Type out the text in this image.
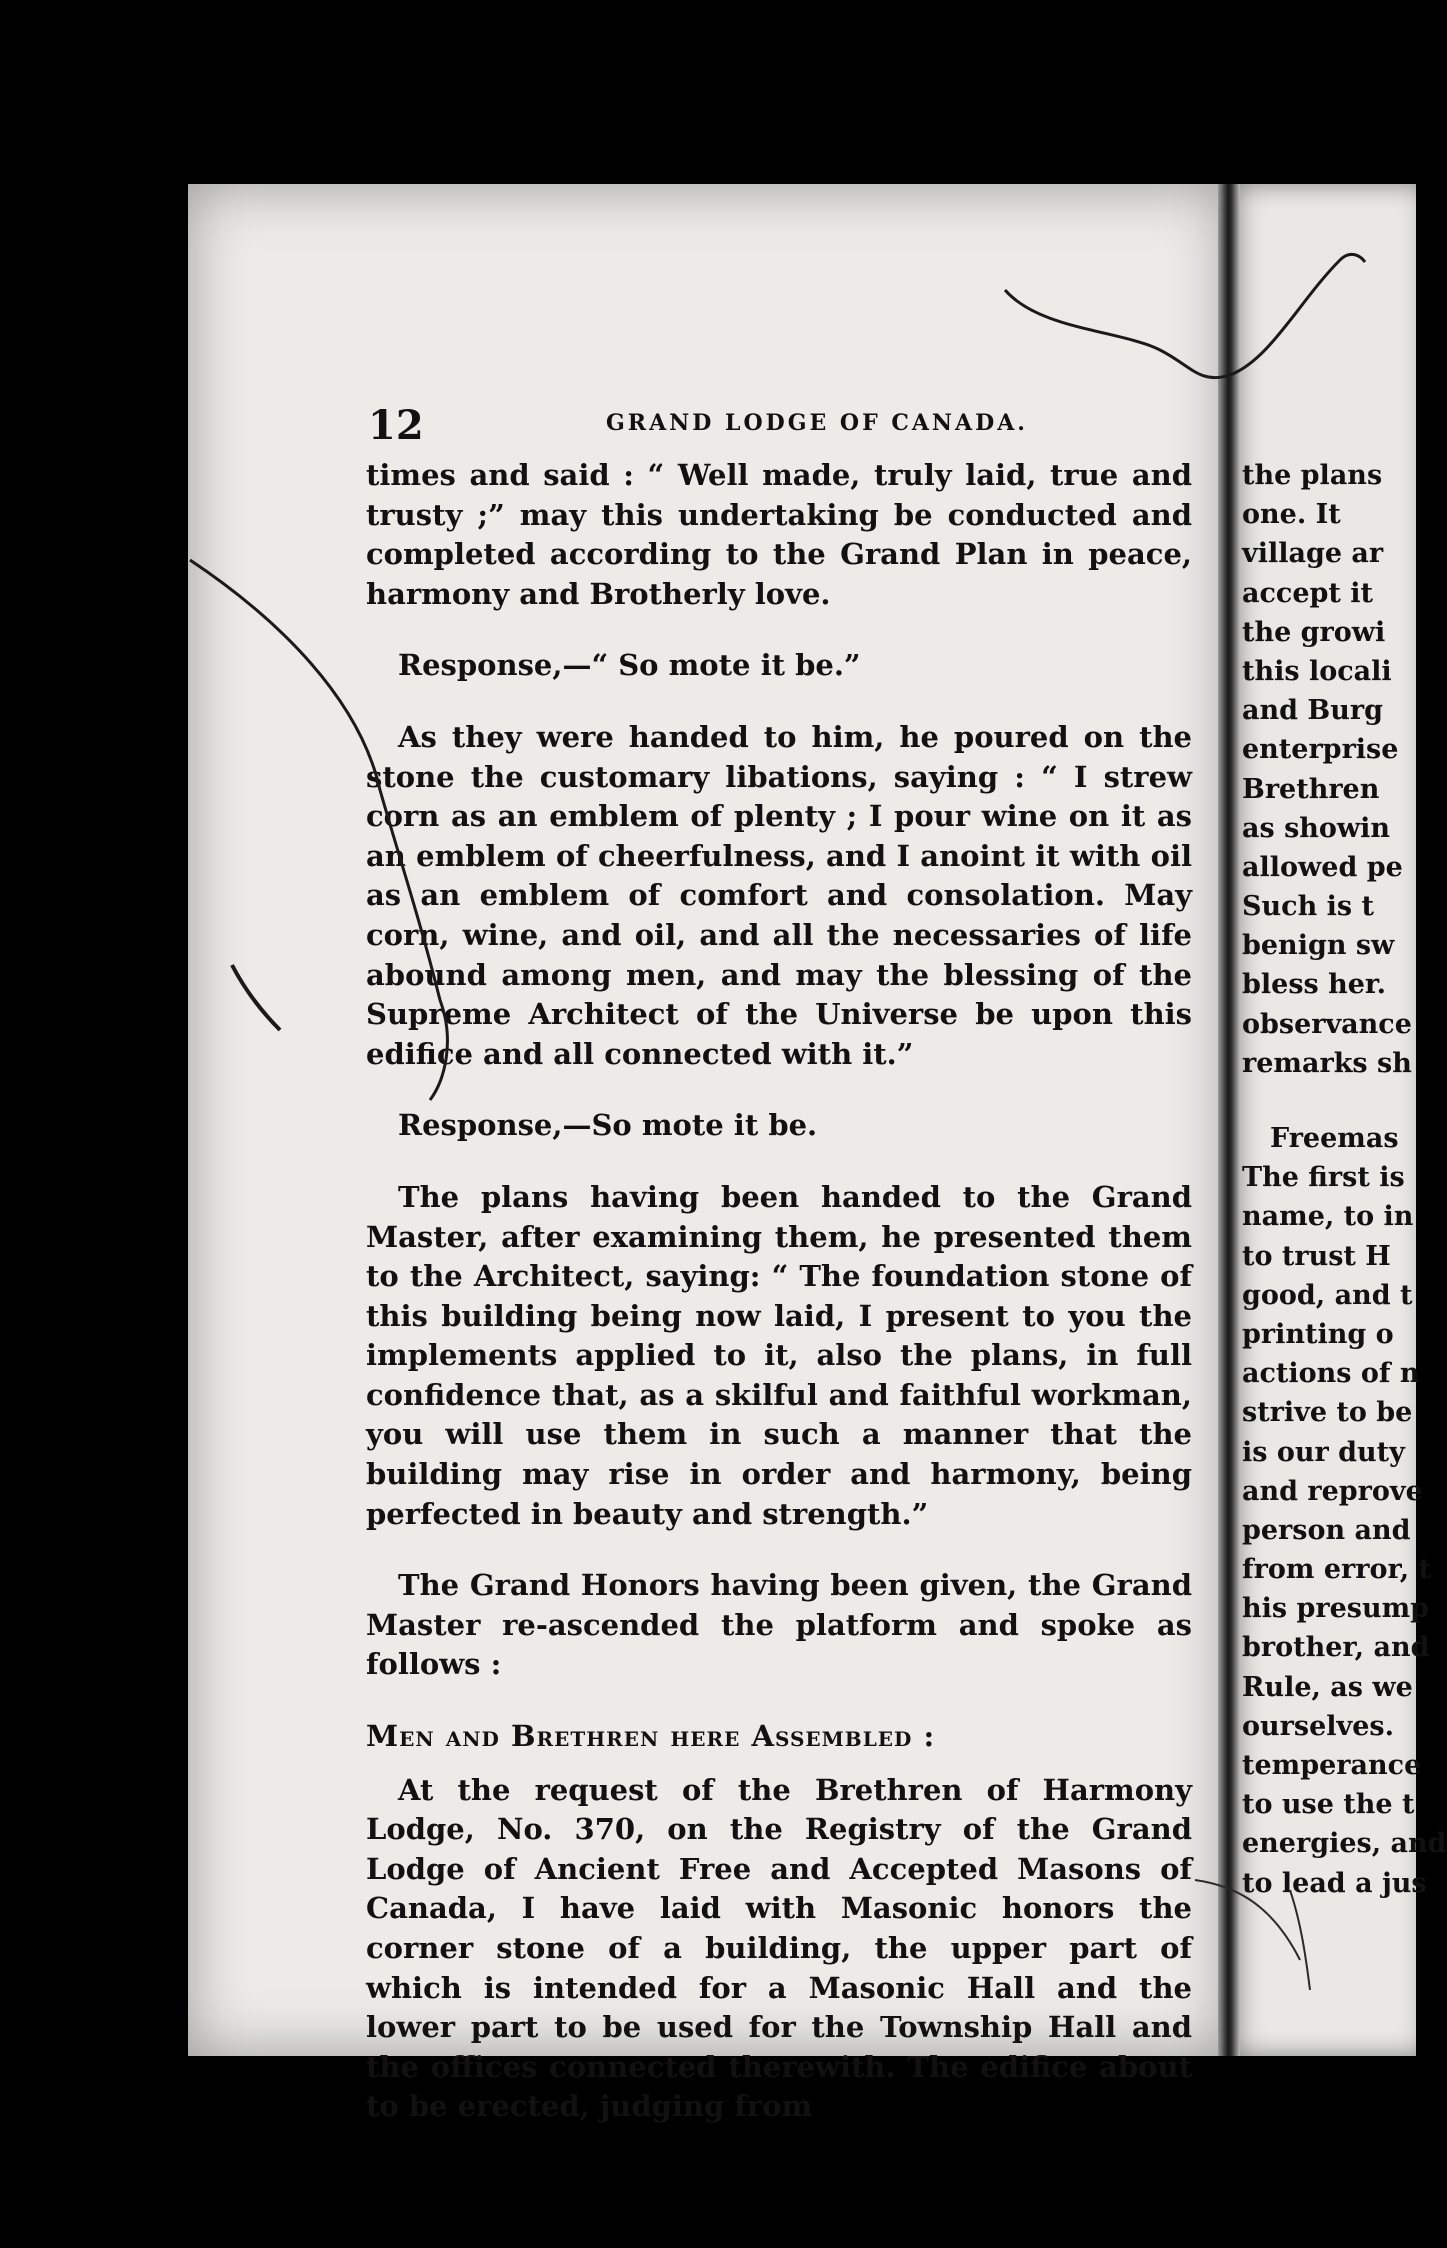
12	GRAND LODGE OF CANADA.

times and said : “ Well made, truly laid, true and trusty ;” may this undertaking be conducted and completed according to the Grand Plan in peace, harmony and Brotherly love.

Response,—“ So mote it be.”

As they were handed to him, he poured on the stone the customary libations, saying : “ I strew corn as an emblem of plenty ; I pour wine on it as an emblem of cheerfulness, and I anoint it with oil as an emblem of comfort and consolation. May corn, wine, and oil, and all the necessaries of life abound among men, and may the blessing of the Supreme Architect of the Universe be upon this edifice and all connected with it.”

Response,—So mote it be.

The plans having been handed to the Grand Master, after examining them, he presented them to the Architect, saying: “ The foundation stone of this building being now laid, I present to you the implements applied to it, also the plans, in full confidence that, as a skilful and faithful workman, you will use them in such a manner that the building may rise in order and harmony, being perfected in beauty and strength.”

The Grand Honors having been given, the Grand Master re-ascended the platform and spoke as follows :

Men and Brethren here Assembled :

At the request of the Brethren of Harmony Lodge, No. 370, on the Registry of the Grand Lodge of Ancient Free and Accepted Masons of Canada, I have laid with Masonic honors the corner stone of a building, the upper part of which is intended for a Masonic Hall and the lower part to be used for the Township Hall and the offices connected therewith. The edifice about to be erected, judging from

the plans
one. It
village ar
accept it
the growi
this locali
and Burg
enterprise
Brethren
as showin
allowed pe
Such is t
benign sw
bless her.
observance
remarks sh
Freemas
The first is
name, to in
to trust H
good, and t
printing o
actions of n
strive to be
is our duty
and reprove
person and
from error, t
his presump
brother, and
Rule, as we
ourselves.
temperance
to use the t
energies, and
to lead a jus
